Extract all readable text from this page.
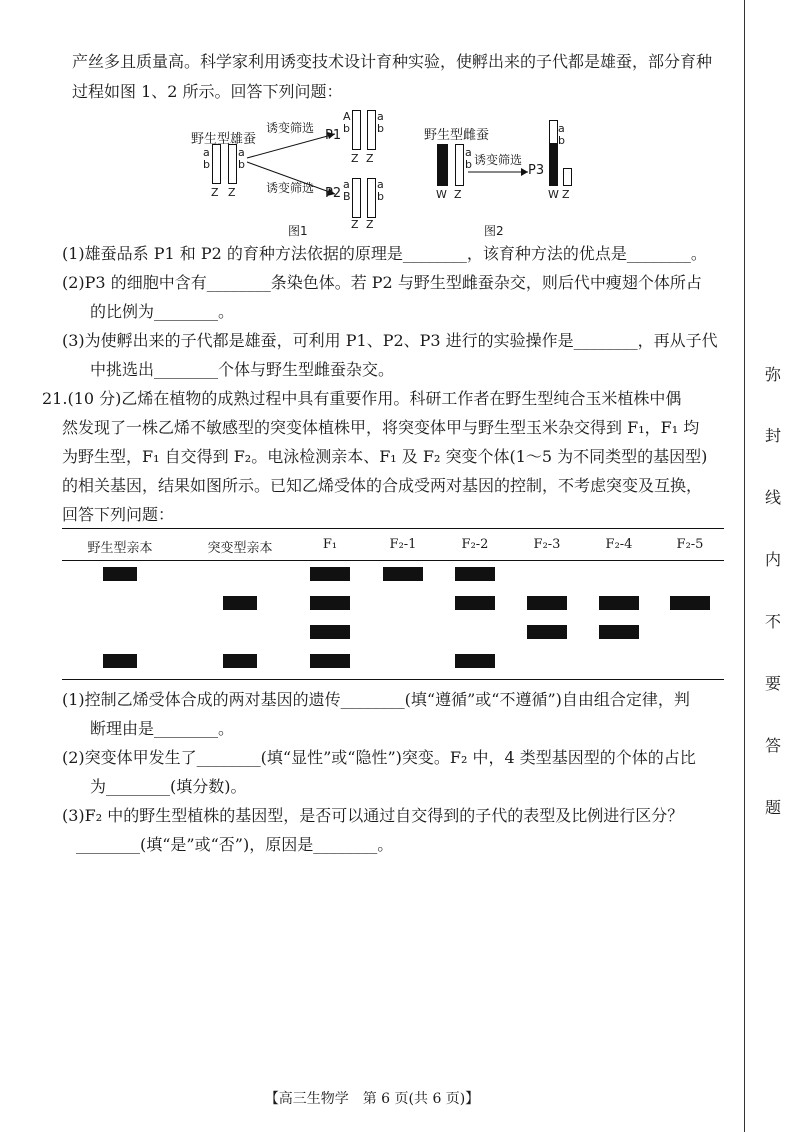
弥
封
线
内
不
要
答
题
产丝多且质量高。科学家利用诱变技术设计育种实验，使孵出来的子代都是雄蚕，部分育种
过程如图 1、2 所示。回答下列问题：
野生型雄蚕
a
b
a
b
Z Z
诱变筛选
诱变筛选
P1
P2
A
b
a
b
Z Z
a
B
a
b
Z Z
图1
野生型雌蚕
a
b
W Z
诱变筛选
P3
a
b
W Z
图2
(1)雄蚕品系 P1 和 P2 的育种方法依据的原理是________，该育种方法的优点是________。
(2)P3 的细胞中含有________条染色体。若 P2 与野生型雌蚕杂交，则后代中瘦翅个体所占
的比例为________。
(3)为使孵出来的子代都是雄蚕，可利用 P1、P2、P3 进行的实验操作是________，再从子代
中挑选出________个体与野生型雌蚕杂交。
21.(10 分)乙烯在植物的成熟过程中具有重要作用。科研工作者在野生型纯合玉米植株中偶
然发现了一株乙烯不敏感型的突变体植株甲，将突变体甲与野生型玉米杂交得到 F₁，F₁ 均
为野生型，F₁ 自交得到 F₂。电泳检测亲本、F₁ 及 F₂ 突变个体(1～5 为不同类型的基因型)
的相关基因，结果如图所示。已知乙烯受体的合成受两对基因的控制，不考虑突变及互换，
回答下列问题：
野生型亲本	突变型亲本	F₁	F₂-1	F₂-2	F₂-3	F₂-4	F₂-5
(1)控制乙烯受体合成的两对基因的遗传________(填“遵循”或“不遵循”)自由组合定律，判
断理由是________。
(2)突变体甲发生了________(填“显性”或“隐性”)突变。F₂ 中，4 类型基因型的个体的占比
为________(填分数)。
(3)F₂ 中的野生型植株的基因型，是否可以通过自交得到的子代的表型及比例进行区分？
________(填“是”或“否”)，原因是________。
【高三生物学　第 6 页(共 6 页)】
